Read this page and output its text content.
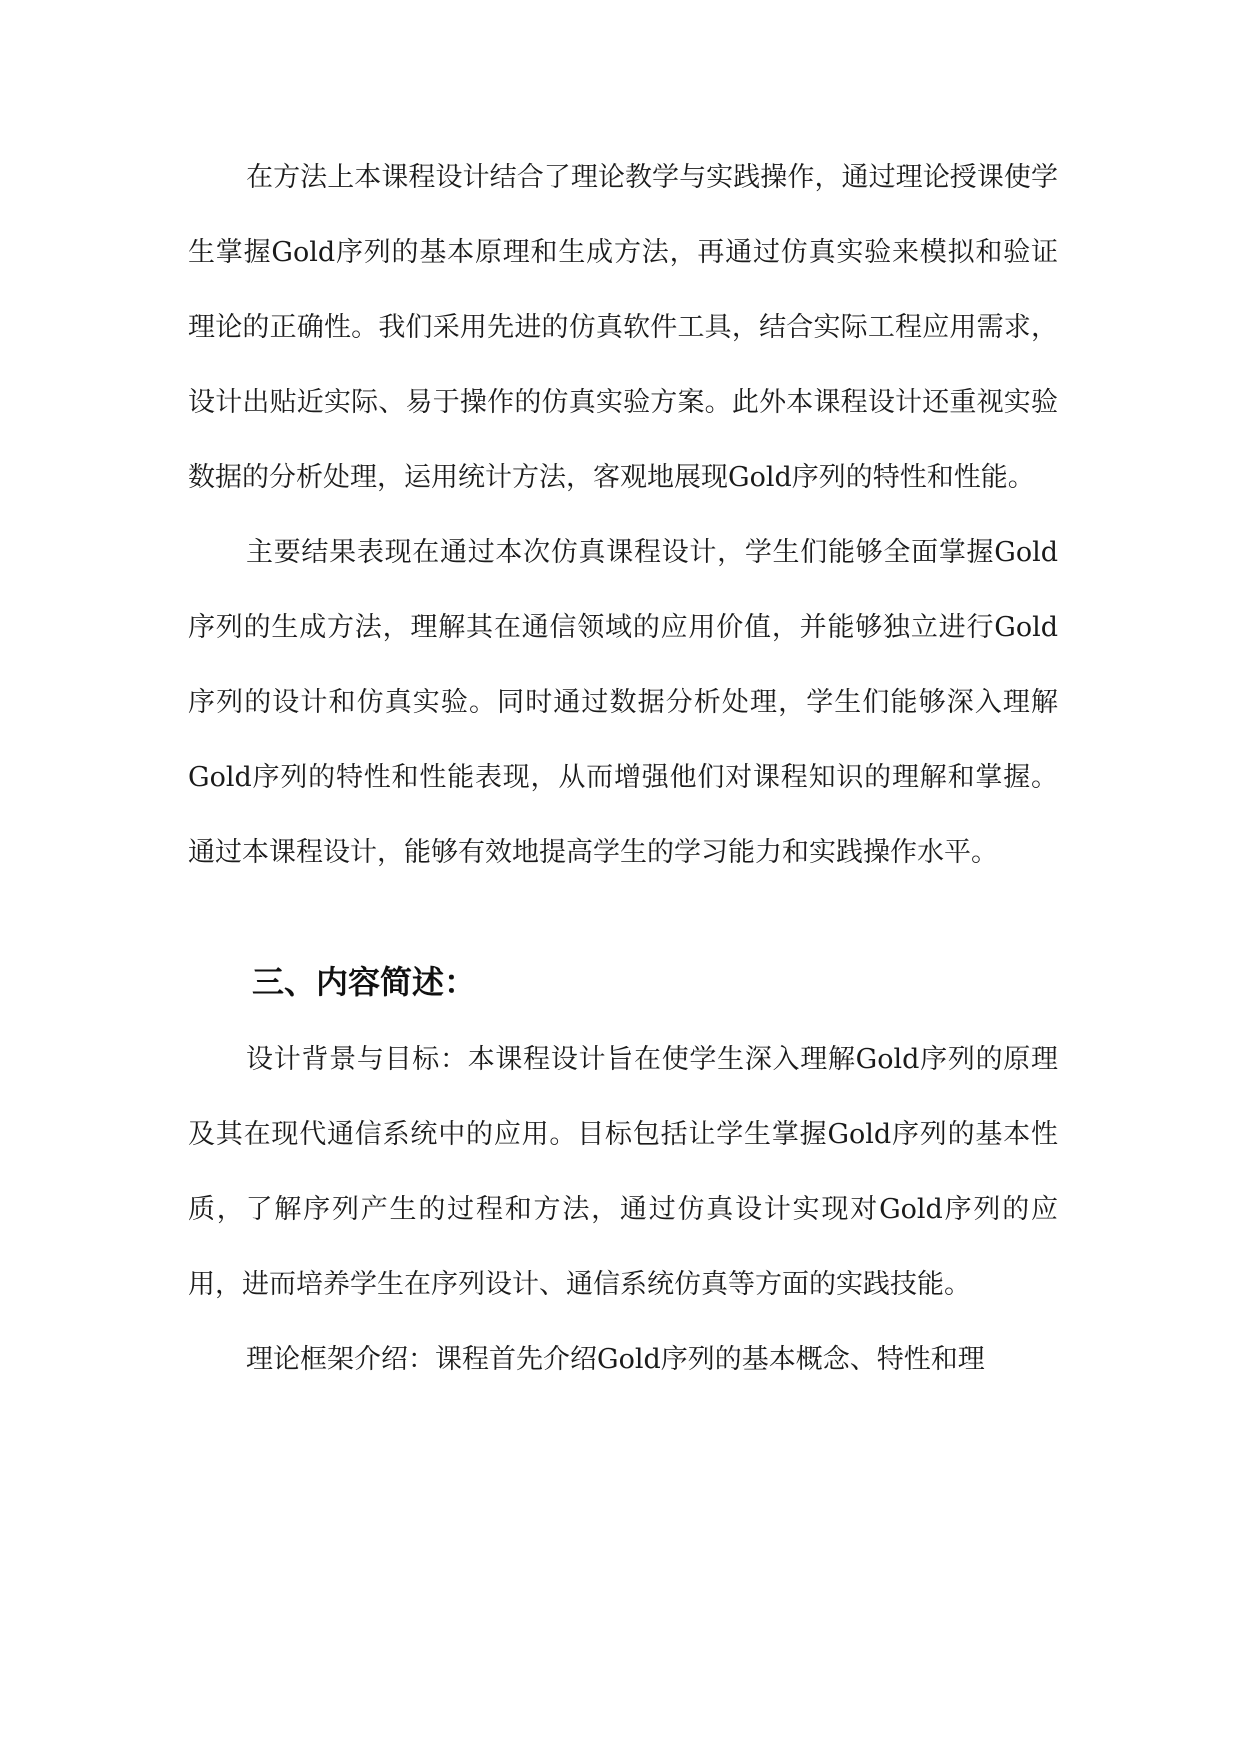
在方法上本课程设计结合了理论教学与实践操作，通过理论授课使学生掌握Gold序列的基本原理和生成方法，再通过仿真实验来模拟和验证理论的正确性。我们采用先进的仿真软件工具，结合实际工程应用需求，设计出贴近实际、易于操作的仿真实验方案。此外本课程设计还重视实验数据的分析处理，运用统计方法，客观地展现Gold序列的特性和性能。

主要结果表现在通过本次仿真课程设计，学生们能够全面掌握Gold序列的生成方法，理解其在通信领域的应用价值，并能够独立进行Gold序列的设计和仿真实验。同时通过数据分析处理，学生们能够深入理解Gold序列的特性和性能表现，从而增强他们对课程知识的理解和掌握。通过本课程设计，能够有效地提高学生的学习能力和实践操作水平。

三、内容简述：

设计背景与目标：本课程设计旨在使学生深入理解Gold序列的原理及其在现代通信系统中的应用。目标包括让学生掌握Gold序列的基本性质，了解序列产生的过程和方法，通过仿真设计实现对Gold序列的应用，进而培养学生在序列设计、通信系统仿真等方面的实践技能。

理论框架介绍：课程首先介绍Gold序列的基本概念、特性和理
